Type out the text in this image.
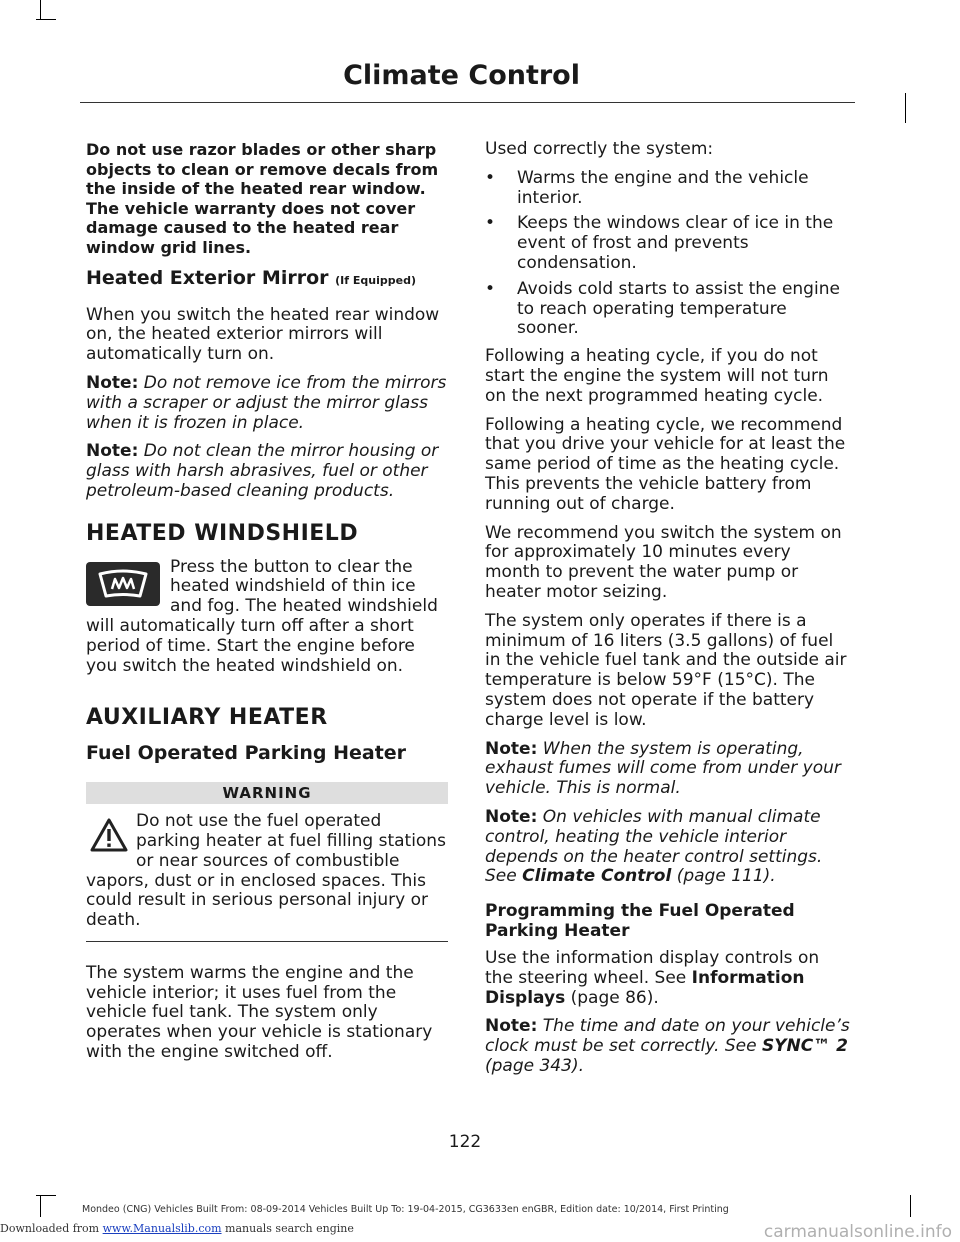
Climate Control

Do not use razor blades or other sharp objects to clean or remove decals from the inside of the heated rear window. The vehicle warranty does not cover damage caused to the heated rear window grid lines.

Heated Exterior Mirror (If Equipped)

When you switch the heated rear window on, the heated exterior mirrors will automatically turn on.

Note: Do not remove ice from the mirrors with a scraper or adjust the mirror glass when it is frozen in place.

Note: Do not clean the mirror housing or glass with harsh abrasives, fuel or other petroleum-based cleaning products.

HEATED WINDSHIELD

Press the button to clear the heated windshield of thin ice and fog. The heated windshield will automatically turn off after a short period of time. Start the engine before you switch the heated windshield on.

AUXILIARY HEATER
Fuel Operated Parking Heater
WARNING

Do not use the fuel operated parking heater at fuel filling stations or near sources of combustible vapors, dust or in enclosed spaces. This could result in serious personal injury or death.

The system warms the engine and the vehicle interior; it uses fuel from the vehicle fuel tank. The system only operates when your vehicle is stationary with the engine switched off.

Used correctly the system:

• Warms the engine and the vehicle interior.
• Keeps the windows clear of ice in the event of frost and prevents condensation.
• Avoids cold starts to assist the engine to reach operating temperature sooner.

Following a heating cycle, if you do not start the engine the system will not turn on the next programmed heating cycle.

Following a heating cycle, we recommend that you drive your vehicle for at least the same period of time as the heating cycle. This prevents the vehicle battery from running out of charge.

We recommend you switch the system on for approximately 10 minutes every month to prevent the water pump or heater motor seizing.

The system only operates if there is a minimum of 16 liters (3.5 gallons) of fuel in the vehicle fuel tank and the outside air temperature is below 59°F (15°C). The system does not operate if the battery charge level is low.

Note: When the system is operating, exhaust fumes will come from under your vehicle. This is normal.

Note: On vehicles with manual climate control, heating the vehicle interior depends on the heater control settings. See Climate Control (page 111).

Programming the Fuel Operated Parking Heater

Use the information display controls on the steering wheel. See Information Displays (page 86).

Note: The time and date on your vehicle’s clock must be set correctly. See SYNC™ 2 (page 343).

122
Mondeo (CNG) Vehicles Built From: 08-09-2014 Vehicles Built Up To: 19-04-2015, CG3633en enGBR, Edition date: 10/2014, First Printing
Downloaded from www.Manualslib.com manuals search engine	carmanualsonline.info
